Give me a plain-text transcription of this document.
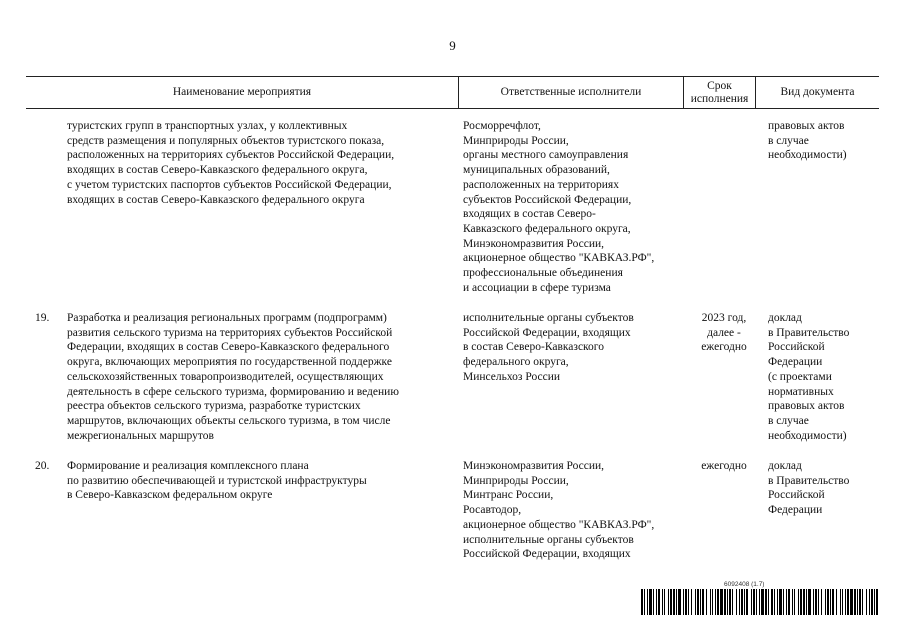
9
Наименование мероприятия	Ответственные исполнители
Срок
исполнения
Вид документа
туристских групп в транспортных узлах, у коллективных
средств размещения и популярных объектов туристского показа,
расположенных на территориях субъектов Российской Федерации,
входящих в состав Северо-Кавказского федерального округа,
с учетом туристских паспортов субъектов Российской Федерации,
входящих в состав Северо-Кавказского федерального округа
Росморречфлот,
Минприроды России,
органы местного самоуправления
муниципальных образований,
расположенных на территориях
субъектов Российской Федерации,
входящих в состав Северо-
Кавказского федерального округа,
Минэкономразвития России,
акционерное общество "КАВКАЗ.РФ",
профессиональные объединения
и ассоциации в сфере туризма
правовых актов
в случае
необходимости)
19. Разработка и реализация региональных программ (подпрограмм)
развития сельского туризма на территориях субъектов Российской
Федерации, входящих в состав Северо-Кавказского федерального
округа, включающих мероприятия по государственной поддержке
сельскохозяйственных товаропроизводителей, осуществляющих
деятельность в сфере сельского туризма, формированию и ведению
реестра объектов сельского туризма, разработке туристских
маршрутов, включающих объекты сельского туризма, в том числе
межрегиональных маршрутов
исполнительные органы субъектов
Российской Федерации, входящих
в состав Северо-Кавказского
федерального округа,
Минсельхоз России
2023 год,
далее -
ежегодно
доклад
в Правительство
Российской
Федерации
(с проектами
нормативных
правовых актов
в случае
необходимости)
20. Формирование и реализация комплексного плана
по развитию обеспечивающей и туристской инфраструктуры
в Северо-Кавказском федеральном округе
Минэкономразвития России,
Минприроды России,
Минтранс России,
Росавтодор,
акционерное общество "КАВКАЗ.РФ",
исполнительные органы субъектов
Российской Федерации, входящих
ежегодно	доклад
в Правительство
Российской
Федерации
6092408 (1.7)
